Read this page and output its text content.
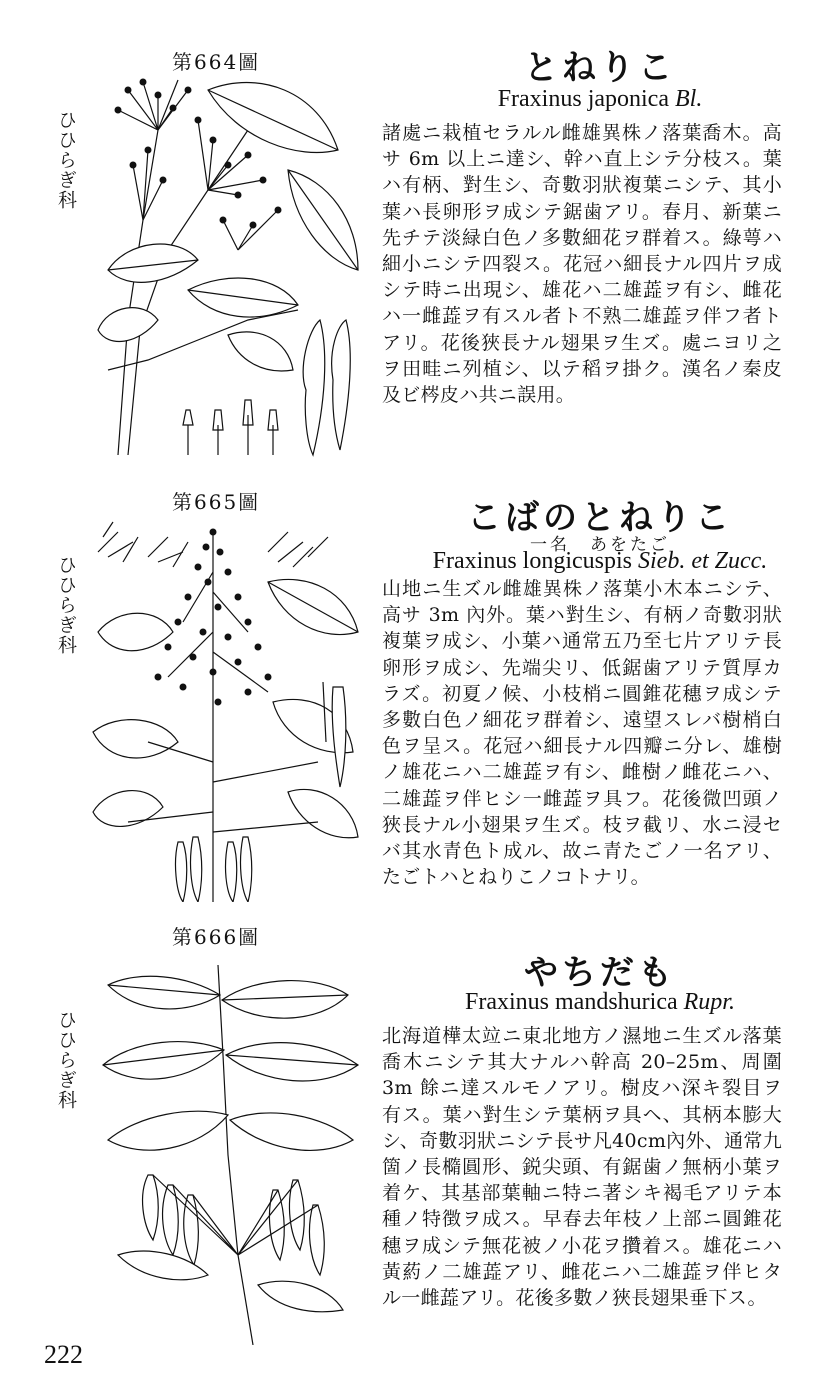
第664圖
ひひらぎ科
とねりこ
Fraxinus japonica Bl.
諸處ニ栽植セラルル雌雄異株ノ落葉喬木。高サ 6m 以上ニ達シ、幹ハ直上シテ分枝ス。葉ハ有柄、對生シ、奇數羽狀複葉ニシテ、其小葉ハ長卵形ヲ成シテ鋸歯アリ。春月、新葉ニ先チテ淡緑白色ノ多數細花ヲ群着ス。綠萼ハ細小ニシテ四裂ス。花冠ハ細長ナル四片ヲ成シテ時ニ出現シ、雄花ハ二雄蕋ヲ有シ、雌花ハ一雌蕋ヲ有スル者ト不熟二雄蕋ヲ伴フ者トアリ。花後狹長ナル翅果ヲ生ズ。處ニヨリ之ヲ田畦ニ列植シ、以テ稻ヲ掛ク。漢名ノ秦皮及ビ梣皮ハ共ニ誤用。
第665圖
ひひらぎ科
こばのとねりこ
一名　あをたご
Fraxinus longicuspis Sieb. et Zucc.
山地ニ生ズル雌雄異株ノ落葉小木本ニシテ、高サ 3m 內外。葉ハ對生シ、有柄ノ奇數羽狀複葉ヲ成シ、小葉ハ通常五乃至七片アリテ長卵形ヲ成シ、先端尖リ、低鋸歯アリテ質厚カラズ。初夏ノ候、小枝梢ニ圓錐花穗ヲ成シテ多數白色ノ細花ヲ群着シ、遠望スレバ樹梢白色ヲ呈ス。花冠ハ細長ナル四瓣ニ分レ、雄樹ノ雄花ニハ二雄蕋ヲ有シ、雌樹ノ雌花ニハ、二雄蕋ヲ伴ヒシ一雌蕋ヲ具フ。花後微凹頭ノ狹長ナル小翅果ヲ生ズ。枝ヲ截リ、水ニ浸セバ其水青色ト成ル、故ニ青たごノ一名アリ、たごトハとねりこノコトナリ。
第666圖
ひひらぎ科
やちだも
Fraxinus mandshurica Rupr.
北海道樺太竝ニ東北地方ノ濕地ニ生ズル落葉喬木ニシテ其大ナルハ幹高 20–25m、周圍 3m 餘ニ達スルモノアリ。樹皮ハ深キ裂目ヲ有ス。葉ハ對生シテ葉柄ヲ具ヘ、其柄本膨大シ、奇數羽狀ニシテ長サ凡40cm內外、通常九箇ノ長橢圓形、鋭尖頭、有鋸歯ノ無柄小葉ヲ着ケ、其基部葉軸ニ特ニ著シキ褐毛アリテ本種ノ特徴ヲ成ス。早春去年枝ノ上部ニ圓錐花穗ヲ成シテ無花被ノ小花ヲ攢着ス。雄花ニハ黃葯ノ二雄蕋アリ、雌花ニハ二雄蕋ヲ伴ヒタル一雌蕋アリ。花後多數ノ狹長翅果垂下ス。
222
